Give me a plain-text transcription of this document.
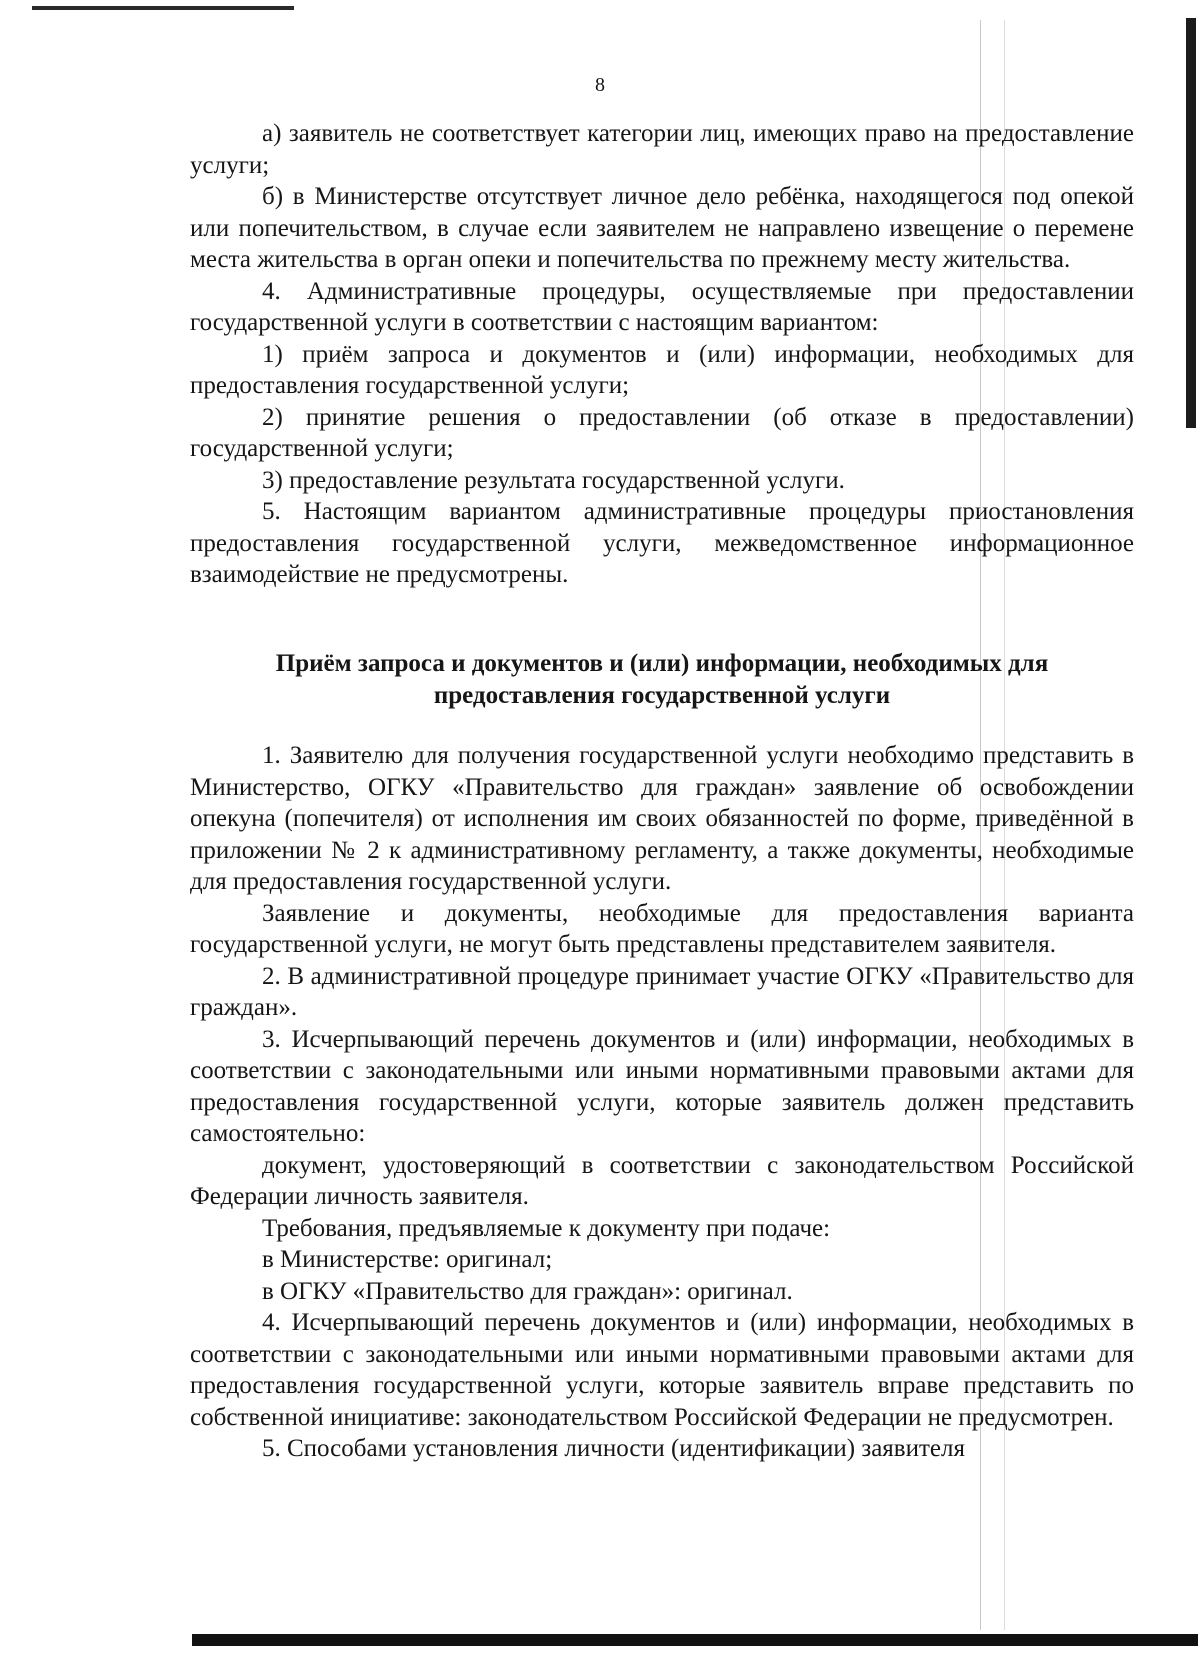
8

а) заявитель не соответствует категории лиц, имеющих право на предоставление услуги;

б) в Министерстве отсутствует личное дело ребёнка, находящегося под опекой или попечительством, в случае если заявителем не направлено извещение о перемене места жительства в орган опеки и попечительства по прежнему месту жительства.

4. Административные процедуры, осуществляемые при предоставлении государственной услуги в соответствии с настоящим вариантом:

1) приём запроса и документов и (или) информации, необходимых для предоставления государственной услуги;

2) принятие решения о предоставлении (об отказе в предоставлении) государственной услуги;

3) предоставление результата государственной услуги.

5. Настоящим вариантом административные процедуры приостановления предоставления государственной услуги, межведомственное информационное взаимодействие не предусмотрены.

Приём запроса и документов и (или) информации, необходимых для предоставления государственной услуги

1. Заявителю для получения государственной услуги необходимо представить в Министерство, ОГКУ «Правительство для граждан» заявление об освобождении опекуна (попечителя) от исполнения им своих обязанностей по форме, приведённой в приложении № 2 к административному регламенту, а также документы, необходимые для предоставления государственной услуги.

Заявление и документы, необходимые для предоставления варианта государственной услуги, не могут быть представлены представителем заявителя.

2. В административной процедуре принимает участие ОГКУ «Правительство для граждан».

3. Исчерпывающий перечень документов и (или) информации, необходимых в соответствии с законодательными или иными нормативными правовыми актами для предоставления государственной услуги, которые заявитель должен представить самостоятельно:

документ, удостоверяющий в соответствии с законодательством Российской Федерации личность заявителя.

Требования, предъявляемые к документу при подаче:

в Министерстве: оригинал;

в ОГКУ «Правительство для граждан»: оригинал.

4. Исчерпывающий перечень документов и (или) информации, необходимых в соответствии с законодательными или иными нормативными правовыми актами для предоставления государственной услуги, которые заявитель вправе представить по собственной инициативе: законодательством Российской Федерации не предусмотрен.

5. Способами установления личности (идентификации) заявителя
